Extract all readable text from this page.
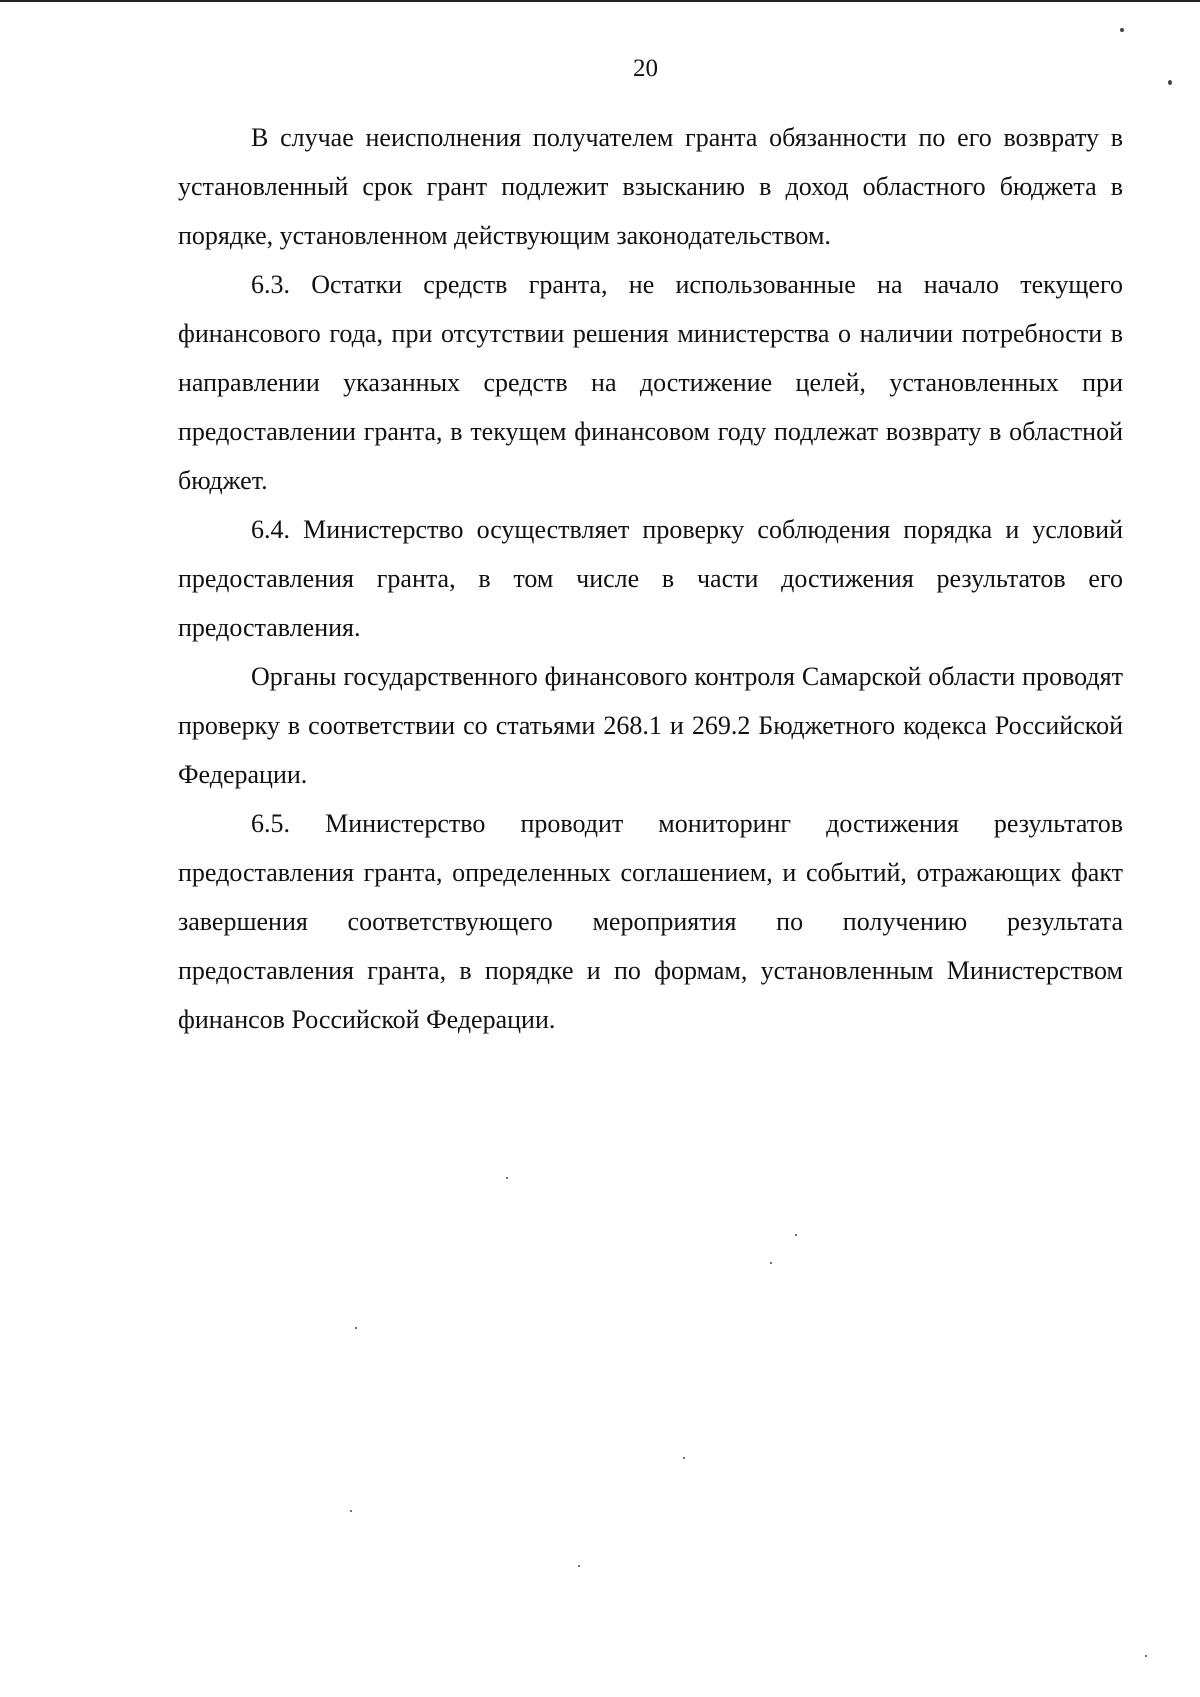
20

В случае неисполнения получателем гранта обязанности по его возврату в установленный срок грант подлежит взысканию в доход областного бюджета в порядке, установленном действующим законодательством.

6.3. Остатки средств гранта, не использованные на начало текущего финансового года, при отсутствии решения министерства о наличии потребности в направлении указанных средств на достижение целей, установленных при предоставлении гранта, в текущем финансовом году подлежат возврату в областной бюджет.

6.4. Министерство осуществляет проверку соблюдения порядка и условий предоставления гранта, в том числе в части достижения результатов его предоставления.

Органы государственного финансового контроля Самарской области проводят проверку в соответствии со статьями 268.1 и 269.2 Бюджетного кодекса Российской Федерации.

6.5. Министерство проводит мониторинг достижения результатов предоставления гранта, определенных соглашением, и событий, отражающих факт завершения соответствующего мероприятия по получению результата предоставления гранта, в порядке и по формам, установленным Министерством финансов Российской Федерации.
